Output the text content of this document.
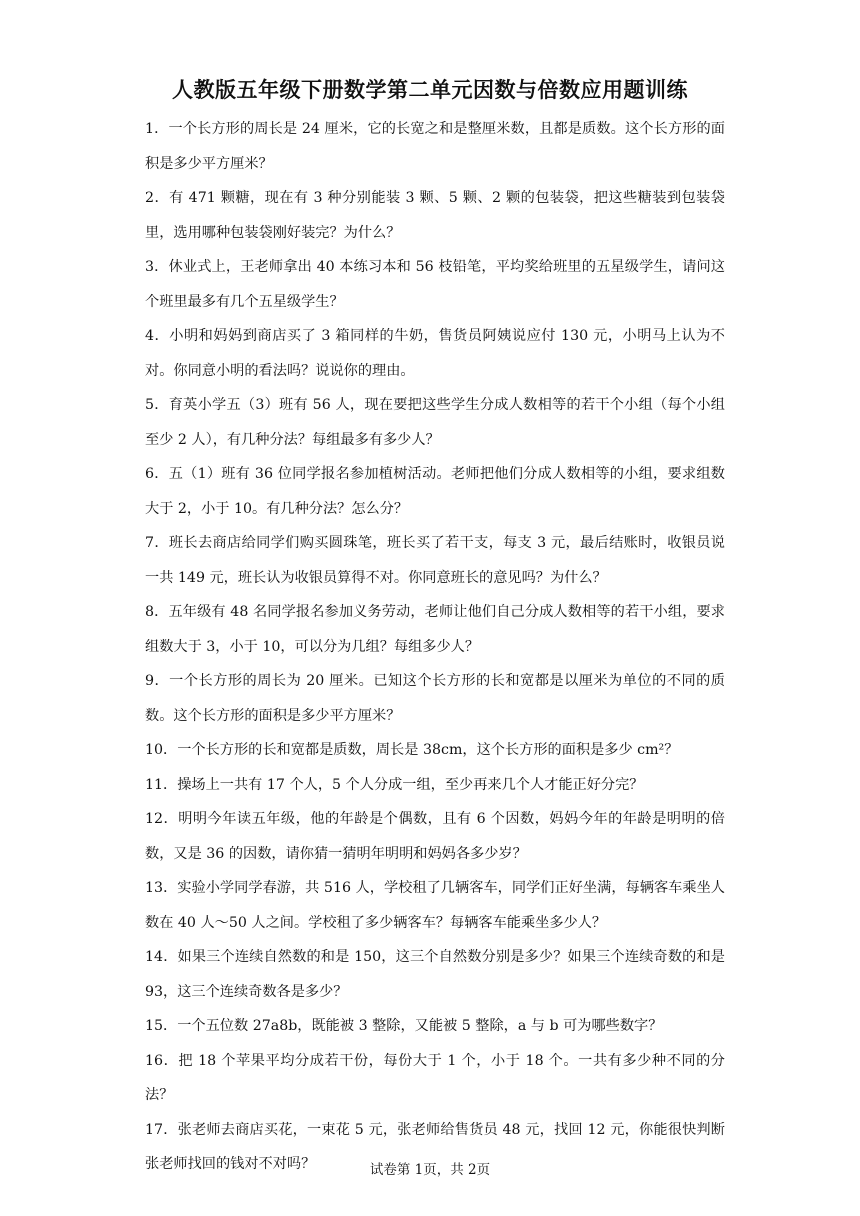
人教版五年级下册数学第二单元因数与倍数应用题训练

1．一个长方形的周长是 24 厘米，它的长宽之和是整厘米数，且都是质数。这个长方形的面积是多少平方厘米？

2．有 471 颗糖，现在有 3 种分别能装 3 颗、5 颗、2 颗的包装袋，把这些糖装到包装袋里，选用哪种包装袋刚好装完？为什么？

3．休业式上，王老师拿出 40 本练习本和 56 枝铅笔，平均奖给班里的五星级学生，请问这个班里最多有几个五星级学生？

4．小明和妈妈到商店买了 3 箱同样的牛奶，售货员阿姨说应付 130 元，小明马上认为不对。你同意小明的看法吗？说说你的理由。

5．育英小学五（3）班有 56 人，现在要把这些学生分成人数相等的若干个小组（每个小组至少 2 人），有几种分法？每组最多有多少人？

6．五（1）班有 36 位同学报名参加植树活动。老师把他们分成人数相等的小组，要求组数大于 2，小于 10。有几种分法？怎么分？

7．班长去商店给同学们购买圆珠笔，班长买了若干支，每支 3 元，最后结账时，收银员说一共 149 元，班长认为收银员算得不对。你同意班长的意见吗？为什么？

8．五年级有 48 名同学报名参加义务劳动，老师让他们自己分成人数相等的若干小组，要求组数大于 3，小于 10，可以分为几组？每组多少人？

9．一个长方形的周长为 20 厘米。已知这个长方形的长和宽都是以厘米为单位的不同的质数。这个长方形的面积是多少平方厘米？

10．一个长方形的长和宽都是质数，周长是 38cm，这个长方形的面积是多少 cm²？

11．操场上一共有 17 个人，5 个人分成一组，至少再来几个人才能正好分完？

12．明明今年读五年级，他的年龄是个偶数，且有 6 个因数，妈妈今年的年龄是明明的倍数，又是 36 的因数，请你猜一猜明年明明和妈妈各多少岁？

13．实验小学同学春游，共 516 人，学校租了几辆客车，同学们正好坐满，每辆客车乘坐人数在 40 人～50 人之间。学校租了多少辆客车？每辆客车能乘坐多少人？

14．如果三个连续自然数的和是 150，这三个自然数分别是多少？如果三个连续奇数的和是 93，这三个连续奇数各是多少？

15．一个五位数 27a8b，既能被 3 整除，又能被 5 整除，a 与 b 可为哪些数字？

16．把 18 个苹果平均分成若干份，每份大于 1 个，小于 18 个。一共有多少种不同的分法？

17．张老师去商店买花，一束花 5 元，张老师给售货员 48 元，找回 12 元，你能很快判断张老师找回的钱对不对吗？	试卷第 1页，共 2页
